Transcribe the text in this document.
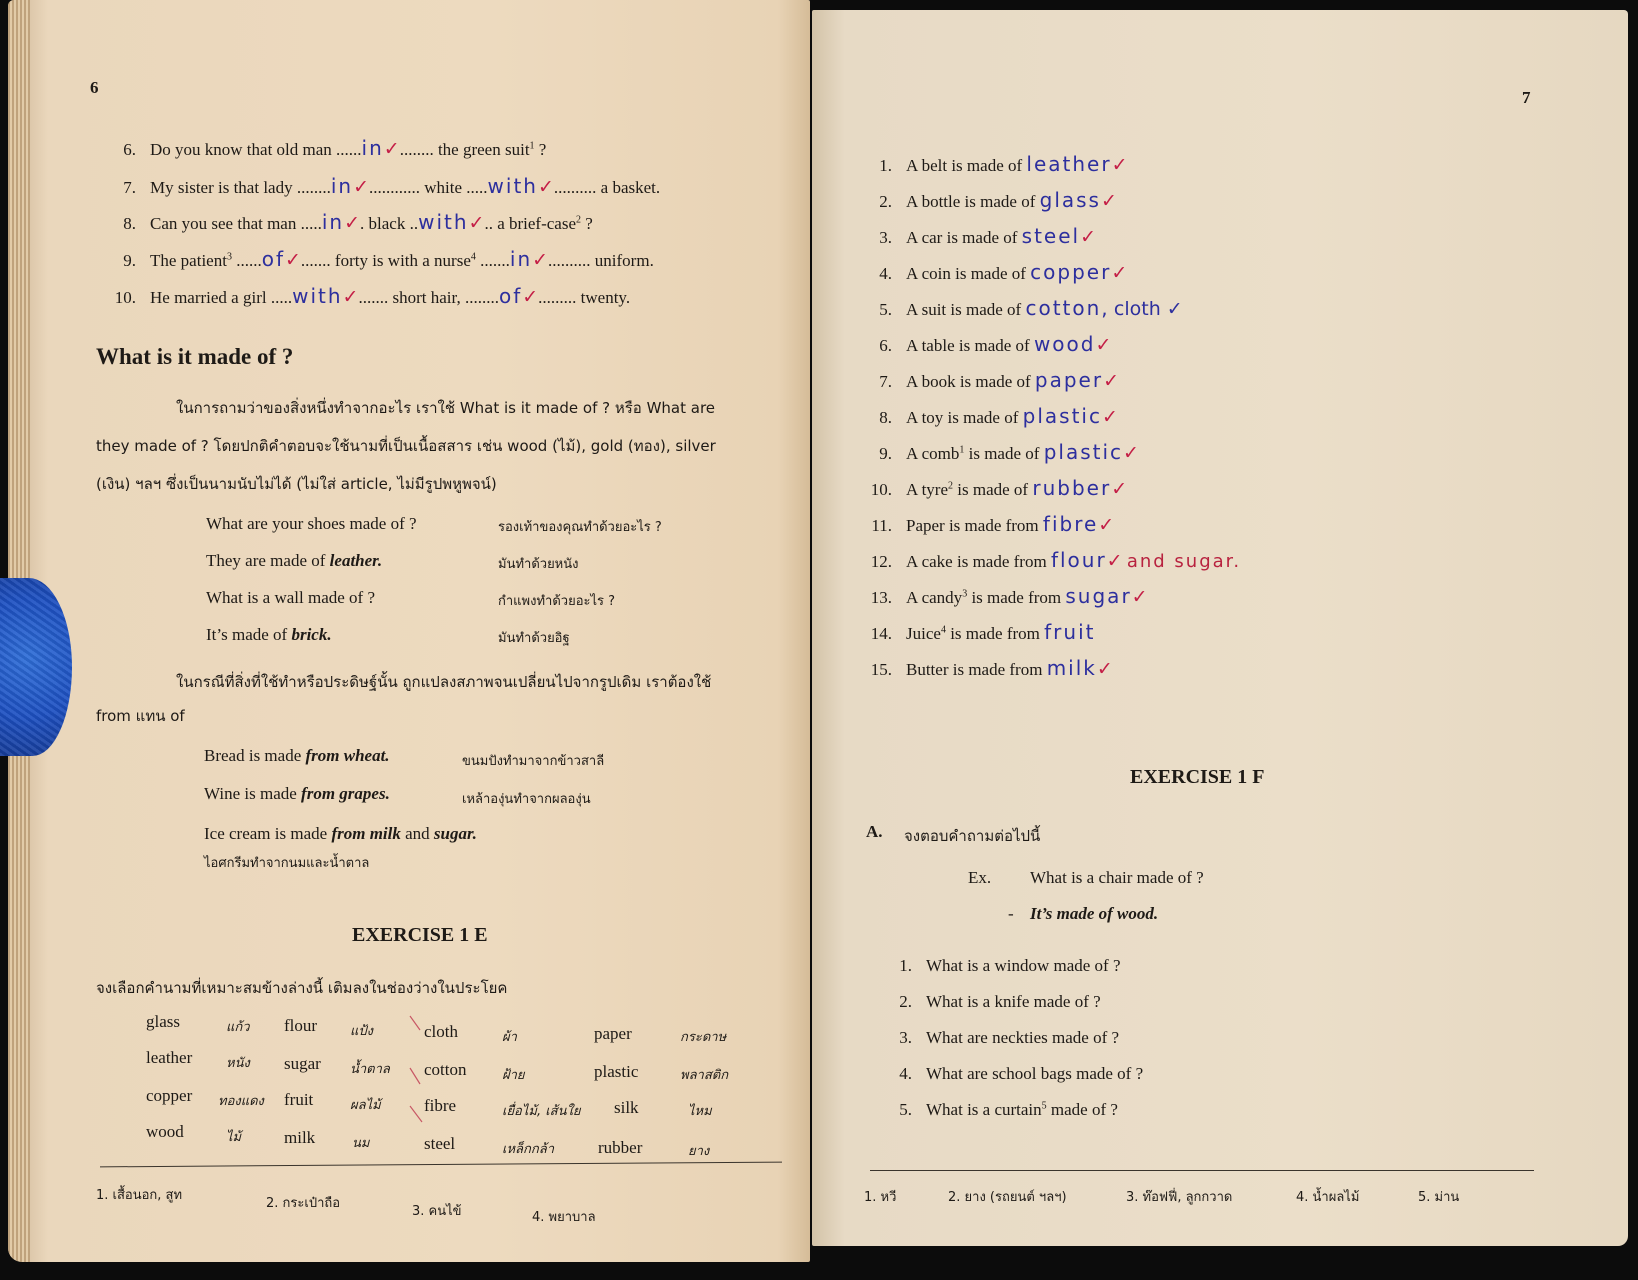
6
6. Do you know that old man ......in✓........ the green suit$^1$ ?
7. My sister is that lady ........in✓............ white .....with✓.......... a basket.
8. Can you see that man .....in✓. black ..with✓.. a brief-case$^2$ ?
9. The patient$^3$ ......of✓....... forty is with a nurse$^4$ .......in✓.......... uniform.
10. He married a girl .....with✓....... short hair, ........of✓......... twenty.
What is it made of ?
ในการถามว่าของสิ่งหนึ่งทำจากอะไร เราใช้ What is it made of ? หรือ What are
they made of ? โดยปกติคำตอบจะใช้นามที่เป็นเนื้อสสาร เช่น wood (ไม้), gold (ทอง), silver
(เงิน) ฯลฯ ซึ่งเป็นนามนับไม่ได้ (ไม่ใส่ article, ไม่มีรูปพหูพจน์)
What are your shoes made of ?	รองเท้าของคุณทำด้วยอะไร ?
They are made of leather.	มันทำด้วยหนัง
What is a wall made of ?	กำแพงทำด้วยอะไร ?
It’s made of brick.	มันทำด้วยอิฐ
ในกรณีที่สิ่งที่ใช้ทำหรือประดิษฐ์นั้น ถูกแปลงสภาพจนเปลี่ยนไปจากรูปเดิม เราต้องใช้
from แทน of
Bread is made from wheat.	ขนมปังทำมาจากข้าวสาลี
Wine is made from grapes.	เหล้าองุ่นทำจากผลองุ่น
Ice cream is made from milk and sugar.
ไอศกรีมทำจากนมและน้ำตาล
EXERCISE 1 E
จงเลือกคำนามที่เหมาะสมข้างล่างนี้ เติมลงในช่องว่างในประโยค
glass	แก้ว flour	แป้ง	cloth	ผ้า	paper	กระดาษ
leather	หนัง sugar น้ำตาล cotton	ฝ้าย	plastic	พลาสติก
copper ทองแดง fruit	ผลไม้	fibre	เยื่อไม้, เส้นใย silk	ไหม
wood	ไม้	milk	นม	steel	เหล็กกล้า	rubber	ยาง
1. เสื้อนอก, สูท
2. กระเป๋าถือ
3. คนไข้	4. พยาบาล
7
1. A belt is made of leather✓
2. A bottle is made of glass✓
3. A car is made of steel✓
4. A coin is made of copper✓
5. A suit is made of cotton, cloth ✓
6. A table is made of wood✓
7. A book is made of paper✓
8. A toy is made of plastic✓
9. A comb$^1$ is made of plastic✓
10. A tyre$^2$ is made of rubber✓
11. Paper is made from fibre✓
12. A cake is made from flour✓ and sugar.
13. A candy$^3$ is made from sugar✓
14. Juice$^4$ is made from fruit
15. Butter is made from milk✓
EXERCISE 1 F
A. จงตอบคำถามต่อไปนี้
Ex. What is a chair made of ?
- It’s made of wood.
1. What is a window made of ?
2. What is a knife made of ?
3. What are neckties made of ?
4. What are school bags made of ?
5. What is a curtain$^5$ made of ?
1. หวี	2. ยาง (รถยนต์ ฯลฯ)	3. ท๊อฟฟี่, ลูกกวาด	4. น้ำผลไม้	5. ม่าน
